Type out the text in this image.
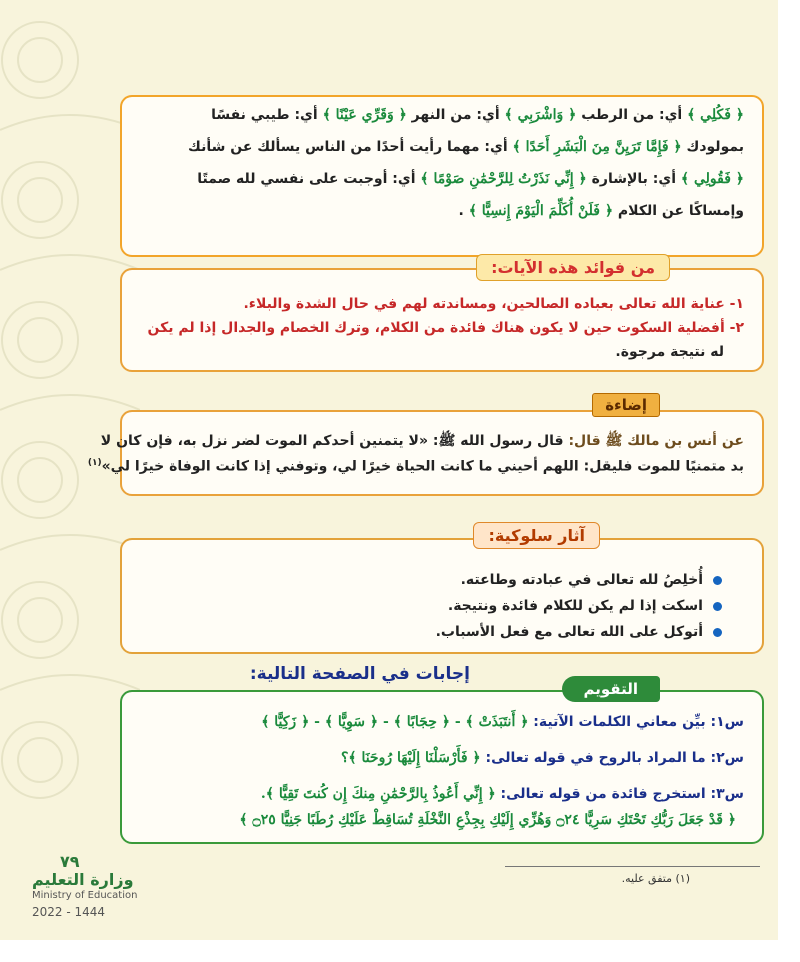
﴿ فَكُلِي ﴾ أي: من الرطب ﴿ وَاشْرَبِي ﴾ أي: من النهر ﴿ وَقَرِّي عَيْنًا ﴾ أي: طيبي نفسًا
بمولودك ﴿ فَإِمَّا تَرَيِنَّ مِنَ الْبَشَرِ أَحَدًا ﴾ أي: مهما رأيت أحدًا من الناس يسألك عن شأنك
﴿ فَقُولِي ﴾ أي: بالإشارة ﴿ إِنِّي نَذَرْتُ لِلرَّحْمَٰنِ صَوْمًا ﴾ أي: أوجبت على نفسي لله صمتًا
وإمساكًا عن الكلام ﴿ فَلَنْ أُكَلِّمَ الْيَوْمَ إِنسِيًّا ﴾ .
١- عناية الله تعالى بعباده الصالحين، ومساندته لهم في حال الشدة والبلاء.
٢- أفضلية السكوت حين لا يكون هناك فائدة من الكلام، وترك الخصام والجدال إذا لم يكن
له نتيجة مرجوة.
من فوائد هذه الآيات:
عن أنس بن مالك ﷺ قال: قال رسول الله ﷺ: «لا يتمنين أحدكم الموت لضر نزل به، فإن كان لا
بد متمنيًا للموت فليقل: اللهم أحيني ما كانت الحياة خيرًا لي، وتوفني إذا كانت الوفاة خيرًا لي»$^{(١)}$
إضاءة
أُخلِصُ لله تعالى في عبادته وطاعته.
اسكت إذا لم يكن للكلام فائدة ونتيجة.
أتوكل على الله تعالى مع فعل الأسباب.
آثار سلوكية:
إجابات في الصفحة التالية:
س١: بيِّن معاني الكلمات الآتية: ﴿ أَنتَبَذَتْ ﴾ - ﴿ حِجَابًا ﴾ - ﴿ سَوِيًّا ﴾ - ﴿ زَكِيًّا ﴾
س٢: ما المراد بالروح في قوله تعالى: ﴿ فَأَرْسَلْنَا إِلَيْهَا رُوحَنَا ﴾؟
س٣: استخرج فائدة من قوله تعالى: ﴿ إِنِّي أَعُوذُ بِالرَّحْمَٰنِ مِنكَ إِن كُنتَ تَقِيًّا ﴾.
﴿ قَدْ جَعَلَ رَبُّكِ تَحْتَكِ سَرِيًّا ۝٢٤ وَهُزِّي إِلَيْكِ بِجِذْعِ النَّخْلَةِ تُسَاقِطْ عَلَيْكِ رُطَبًا جَنِيًّا ۝٢٥ ﴾
التقويم
٧٩
وزارة التعليم
Ministry of Education
2022 - 1444
(١) متفق عليه.
